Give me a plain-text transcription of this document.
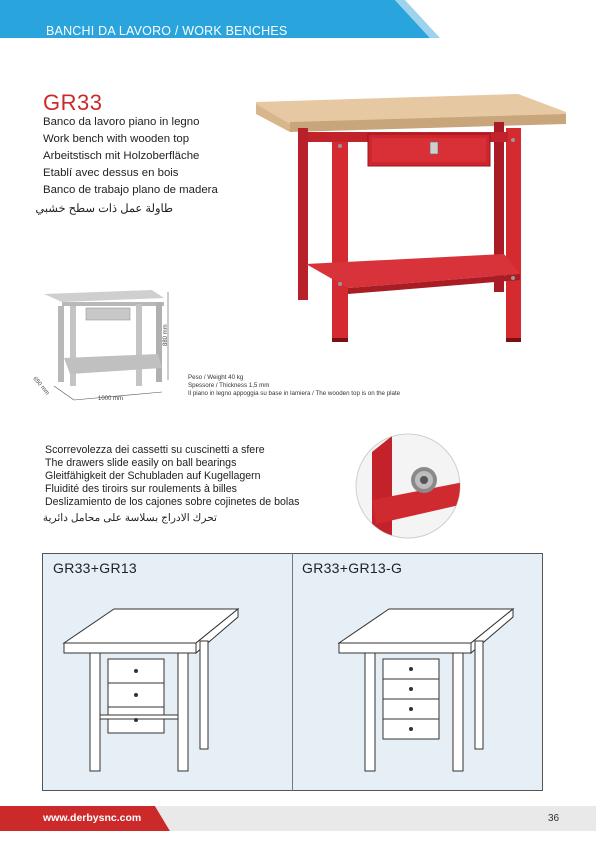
BANCHI DA LAVORO / WORK BENCHES
GR33
Banco da lavoro piano in legno
Work bench with wooden top
Arbeitstisch mit Holzoberfläche
Etablí avec dessus en bois
Banco de trabajo plano de madera
طاولة عمل ذات سطح خشبي
880 mm
650 mm
1000 mm
Peso / Weight 40 kg
Spessore / Thickness 1,5 mm
Il piano in legno appoggia su base in lamiera / The wooden top is on the plate
Scorrevolezza dei cassetti su cuscinetti a sfere
The drawers slide easily on ball bearings
Gleitfähigkeit der Schubladen auf Kugellagern
Fluidité des tiroirs sur roulements à billes
Deslizamiento de los cajones sobre cojinetes de bolas
تحرك الادراج بسلاسة على محامل دائرية
GR33+GR13	GR33+GR13-G
www.derbysnc.com	36
